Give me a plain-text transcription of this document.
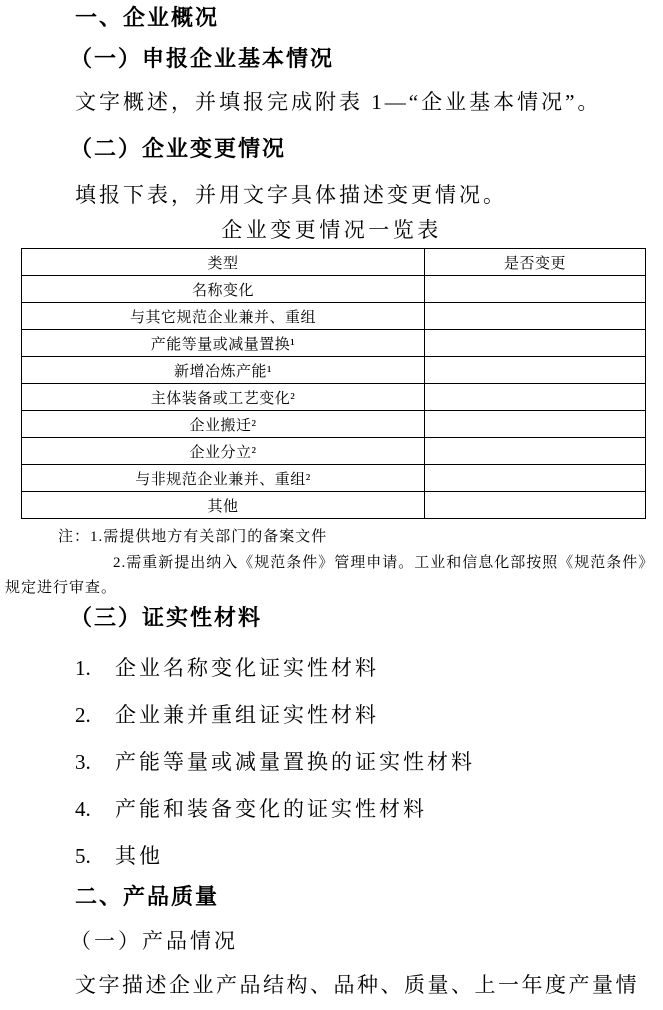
一、企业概况
（一）申报企业基本情况
文字概述，并填报完成附表 1—“企业基本情况”。
（二）企业变更情况
填报下表，并用文字具体描述变更情况。
企业变更情况一览表
类型	是否变更
名称变化	
与其它规范企业兼并、重组	
产能等量或减量置换¹	
新增冶炼产能¹	
主体装备或工艺变化²	
企业搬迁²	
企业分立²	
与非规范企业兼并、重组²	
其他	
注：1.需提供地方有关部门的备案文件
2.需重新提出纳入《规范条件》管理申请。工业和信息化部按照《规范条件》规定进行审查。
（三）证实性材料
1. 企业名称变化证实性材料
2. 企业兼并重组证实性材料
3. 产能等量或减量置换的证实性材料
4. 产能和装备变化的证实性材料
5. 其他
二、产品质量
（一）产品情况
文字描述企业产品结构、品种、质量、上一年度产量情
